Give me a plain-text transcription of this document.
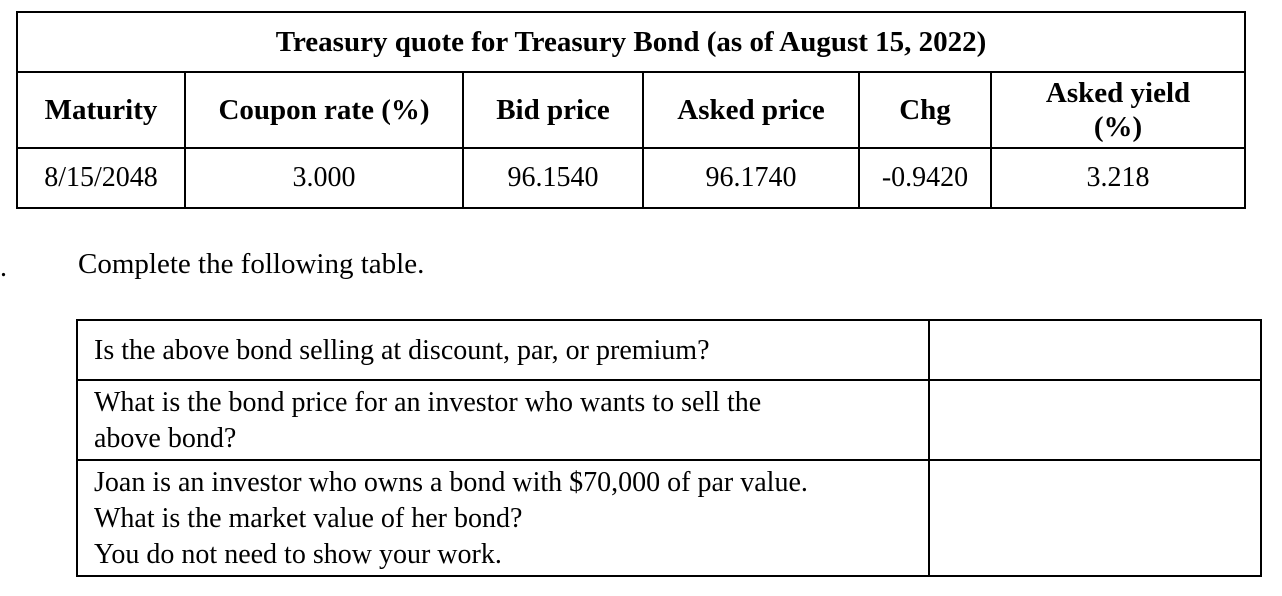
Treasury quote for Treasury Bond (as of August 15, 2022)					
Maturity	Coupon rate (%)	Bid price	Asked price	Chg	Asked yield
(%)

8/15/2048	3.000	96.1540	96.1740	-0.9420	3.218
. Complete the following table.
Is the above bond selling at discount, par, or premium?	

What is the bond price for an investor who wants to sell the
above bond?	

Joan is an investor who owns a bond with $70,000 of par value.
What is the market value of her bond?
You do not need to show your work.	
